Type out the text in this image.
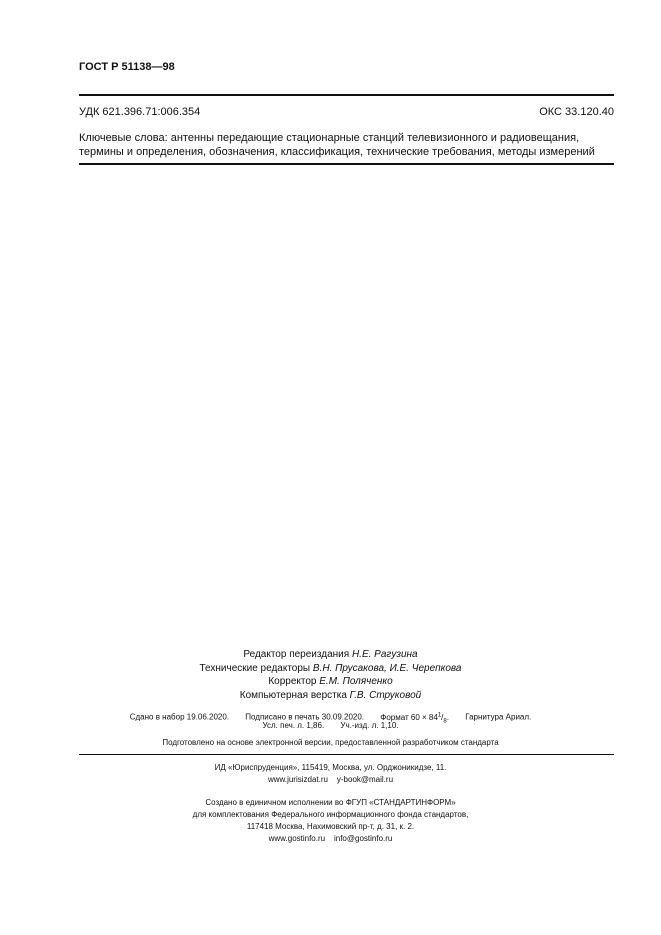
ГОСТ Р 51138—98
УДК 621.396.71:006.354	ОКС 33.120.40
Ключевые слова: антенны передающие стационарные станций телевизионного и радиовещания, термины и определения, обозначения, классификация, технические требования, методы измерений
Редактор переиздания Н.Е. Рагузина
Технические редакторы В.Н. Прусакова, И.Е. Черепкова
Корректор Е.М. Поляченко
Компьютерная верстка Г.В. Струковой
Сдано в набор 19.06.2020. Подписано в печать 30.09.2020. Формат $60 \times 84^1/_8$. Гарнитура Ариал.
Усл. печ. л. 1,86. Уч.-изд. л. 1,10.
Подготовлено на основе электронной версии, предоставленной разработчиком стандарта
ИД «Юриспруденция», 115419, Москва, ул. Орджоникидзе, 11.
www.jurisizdat.ru y-book@mail.ru
Создано в единичном исполнении во ФГУП «СТАНДАРТИНФОРМ»
для комплектования Федерального информационного фонда стандартов,
117418 Москва, Нахимовский пр-т, д. 31, к. 2.
www.gostinfo.ru info@gostinfo.ru
